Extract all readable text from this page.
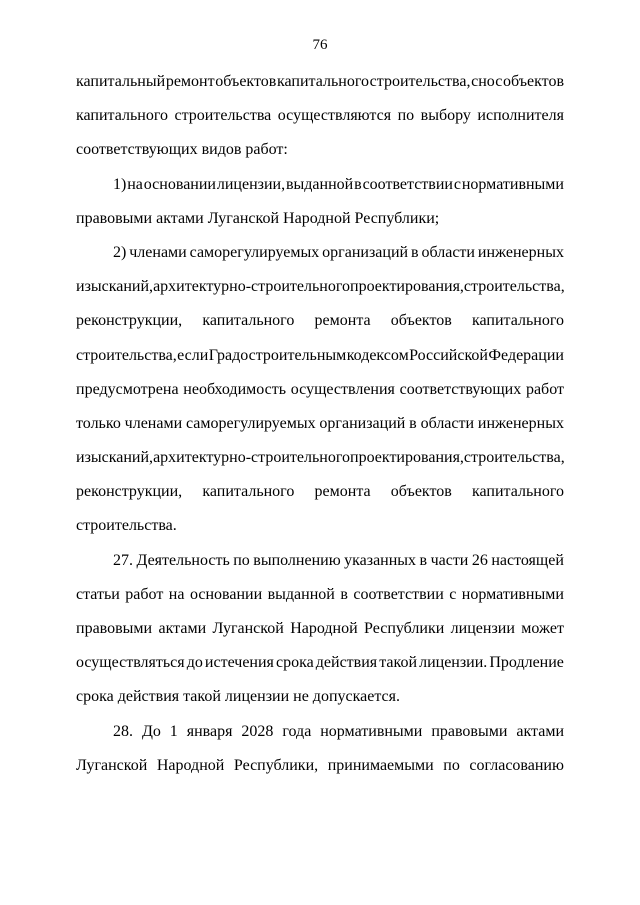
76
капитальный ремонт объектов капитального строительства, снос объектов
капитального строительства осуществляются по выбору исполнителя
соответствующих видов работ:
1) на основании лицензии, выданной в соответствии с нормативными
правовыми актами Луганской Народной Республики;
2) членами саморегулируемых организаций в области инженерных
изысканий, архитектурно-строительного проектирования, строительства,
реконструкции, капитального ремонта объектов капитального
строительства, если Градостроительным кодексом Российской Федерации
предусмотрена необходимость осуществления соответствующих работ
только членами саморегулируемых организаций в области инженерных
изысканий, архитектурно-строительного проектирования, строительства,
реконструкции, капитального ремонта объектов капитального
строительства.
27. Деятельность по выполнению указанных в части 26 настоящей
статьи работ на основании выданной в соответствии с нормативными
правовыми актами Луганской Народной Республики лицензии может
осуществляться до истечения срока действия такой лицензии. Продление
срока действия такой лицензии не допускается.
28. До 1 января 2028 года нормативными правовыми актами
Луганской Народной Республики, принимаемыми по согласованию
